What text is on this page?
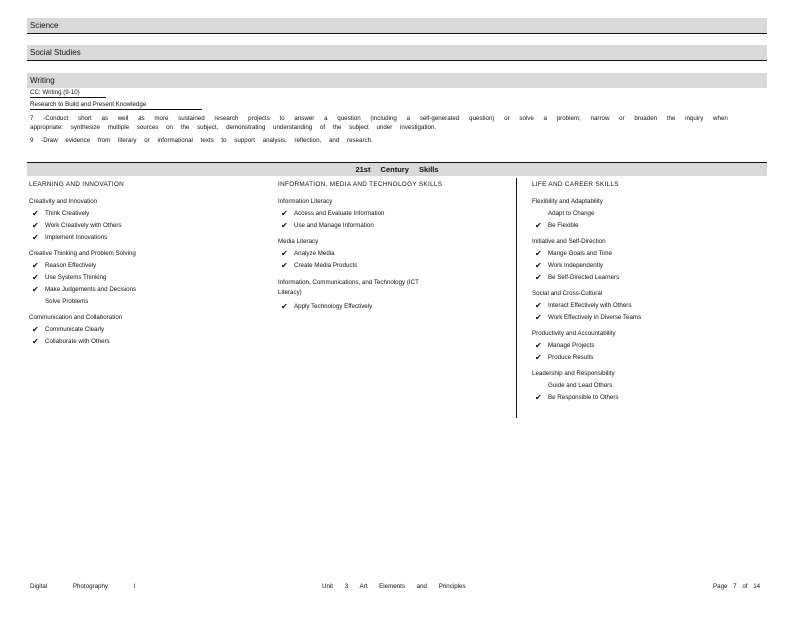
Science
Social Studies
Writing
CC: Writing (9-10)
Research to Build and Present Knowledge
7 -Conduct short as well as more sustained research projects to answer a question (including a self-generated question) or solve a problem; narrow or broaden the inquiry when
appropriate; synthesize multiple sources on the subject, demonstrating understanding of the subject under investigation.
9 -Draw evidence from literary or informational texts to support analysis, reflection, and research.
21st Century Skills
LEARNING AND INNOVATION
Creativity and Innovation
✔	Think Creatively
✔	Work Creatively with Others
✔	Implement Innovations
Creative Thinking and Problem Solving
✔	Reason Effectively
✔	Use Systems Thinking
✔	Make Judgements and Decisions
Solve Problems
Communication and Collaboration
✔	Communicate Clearly
✔	Collaborate with Others
INFORMATION, MEDIA AND TECHNOLOGY SKILLS
Information Literacy
✔	Access and Evaluate Information
✔	Use and Manage Information
Media Literacy
✔	Analyze Media
✔	Create Media Products
Information, Communications, and Technology (ICT Literacy)
✔	Apply Technology Effectively
LIFE AND CAREER SKILLS
Flexibility and Adaptability
Adapt to Change
✔	Be Flexible
Initiative and Self-Direction
✔	Mange Goals and Time
✔	Work Independently
✔	Be Self-Directed Learners
Social and Cross-Cultural
✔	Interact Effectively with Others
✔	Work Effectively in Diverse Teams
Productivity and Accountability
✔	Manage Projects
✔	Produce Results
Leadership and Responsibility
Guide and Lead Others
✔	Be Responsible to Others
Digital Photography I	Unit 3 Art Elements and Principles	Page 7 of 14
